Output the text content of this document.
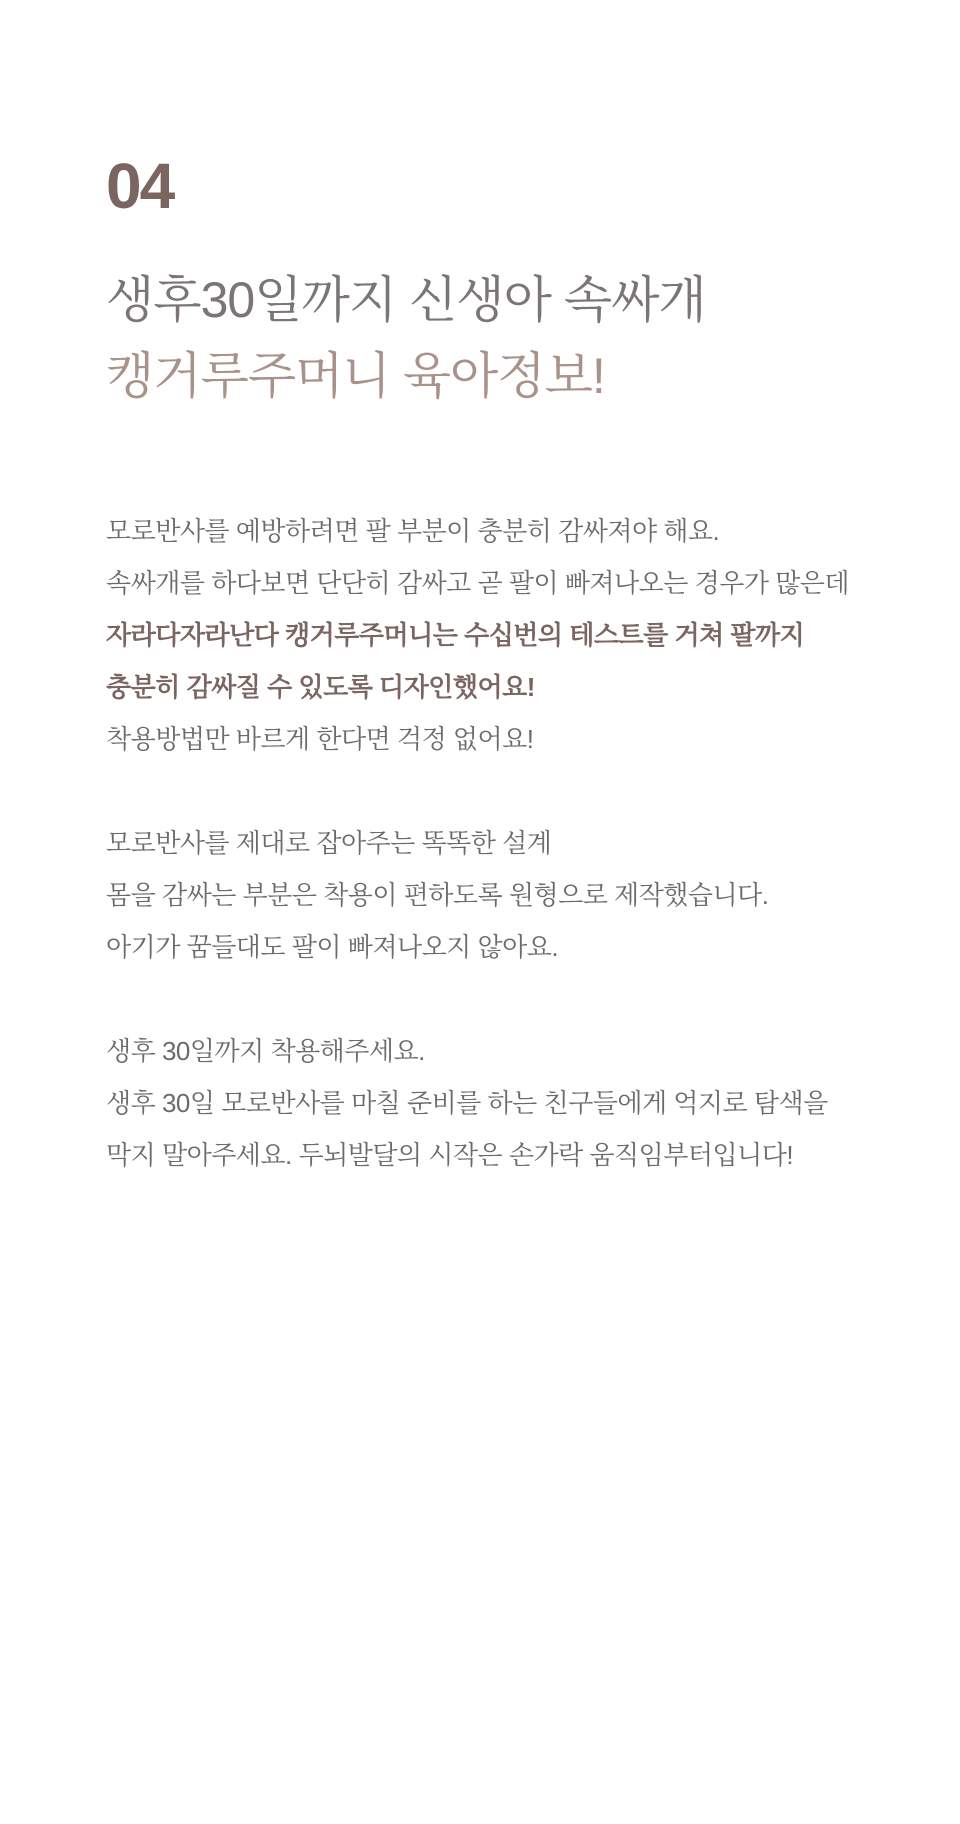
04
생후30일까지 신생아 속싸개
캥거루주머니 육아정보!
모로반사를 예방하려면 팔 부분이 충분히 감싸져야 해요.
속싸개를 하다보면 단단히 감싸고 곧 팔이 빠져나오는 경우가 많은데
자라다자라난다 캥거루주머니는 수십번의 테스트를 거쳐 팔까지
충분히 감싸질 수 있도록 디자인했어요!
착용방법만 바르게 한다면 걱정 없어요!
모로반사를 제대로 잡아주는 똑똑한 설계
몸을 감싸는 부분은 착용이 편하도록 원형으로 제작했습니다.
아기가 꿈들대도 팔이 빠져나오지 않아요.
생후 30일까지 착용해주세요.
생후 30일 모로반사를 마칠 준비를 하는 친구들에게 억지로 탐색을
막지 말아주세요. 두뇌발달의 시작은 손가락 움직임부터입니다!
